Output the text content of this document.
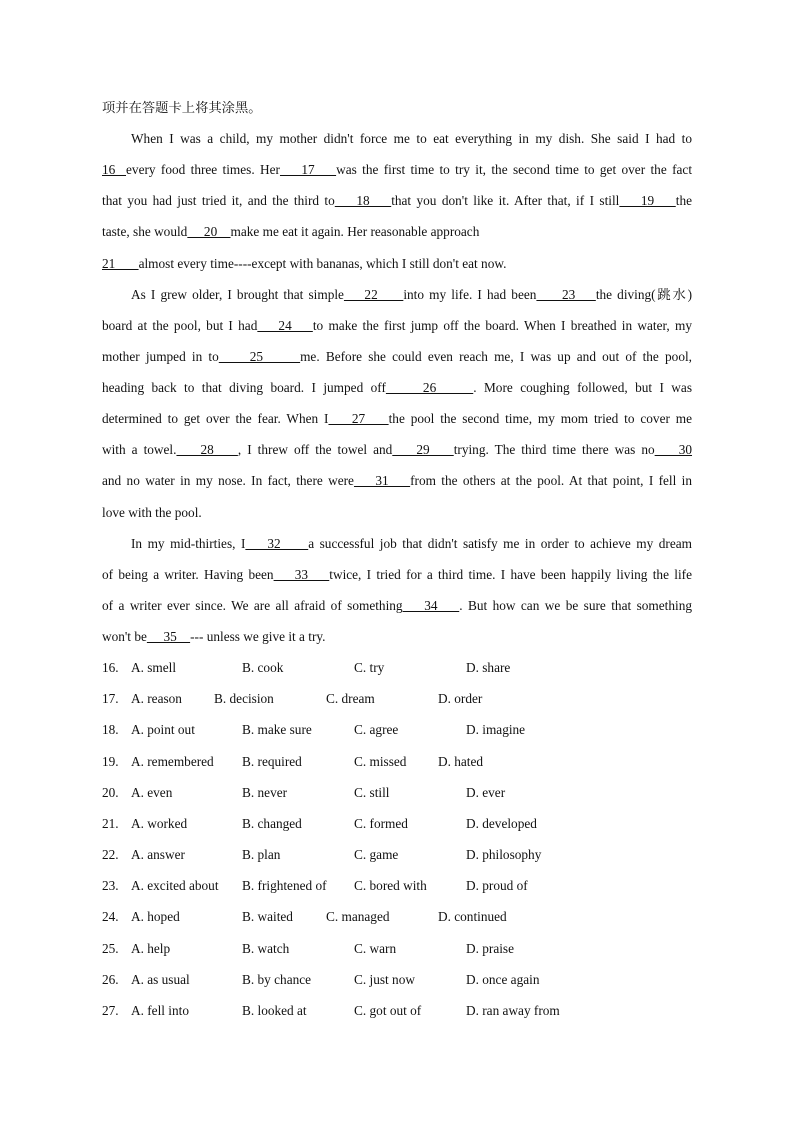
项并在答题卡上将其涂黑。
When I was a child, my mother didn't force me to eat everything in my dish. She said I had to
16  every food three times. Her    17    was the first time to try it, the second time to get over the fact
that you had just tried it, and the third to    18    that you don't like it. After that, if I still    19    the
taste, she would     20    make me eat it again. Her reasonable approach
21       almost every time----except with bananas, which I still don't eat now.
As I grew older, I brought that simple    22     into my life. I had been     23    the diving(跳水)
board at the pool, but I had    24    to make the first jump off the board. When I breathed in water, my
mother jumped in to     25      me. Before she could even reach me, I was up and out of the pool,
heading back to that diving board. I jumped off     26     . More coughing followed, but I was
determined to get over the fear. When I    27    the pool the second time, my mom tried to cover me
with a towel.    28    , I threw off the towel and    29    trying. The third time there was no    30
and no water in my nose. In fact, there were    31    from the others at the pool. At that point, I fell in
love with the pool.
In my mid-thirties, I    32     a successful job that didn't satisfy me in order to achieve my dream
of being a writer. Having been    33    twice, I tried for a third time. I have been happily living the life
of a writer ever since. We are all afraid of something    34    . But how can we be sure that something
won't be     35    --- unless we give it a try.
16. A. smell	B. cook	C. try	D. share
17. A. reason B. decision	C. dream	D. order
18. A. point out	B. make sure	C. agree	D. imagine
19. A. remembered B. required	C. missed D. hated
20. A. even	B. never	C. still	D. ever
21. A. worked	B. changed	C. formed	D. developed
22. A. answer	B. plan	C. game	D. philosophy
23. A. excited about B. frightened of C. bored with	D. proud of
24. A. hoped	B. waited C. managed	D. continued
25. A. help	B. watch	C. warn	D. praise
26. A. as usual	B. by chance	C. just now	D. once again
27. A. fell into	B. looked at	C. got out of	D. ran away from
